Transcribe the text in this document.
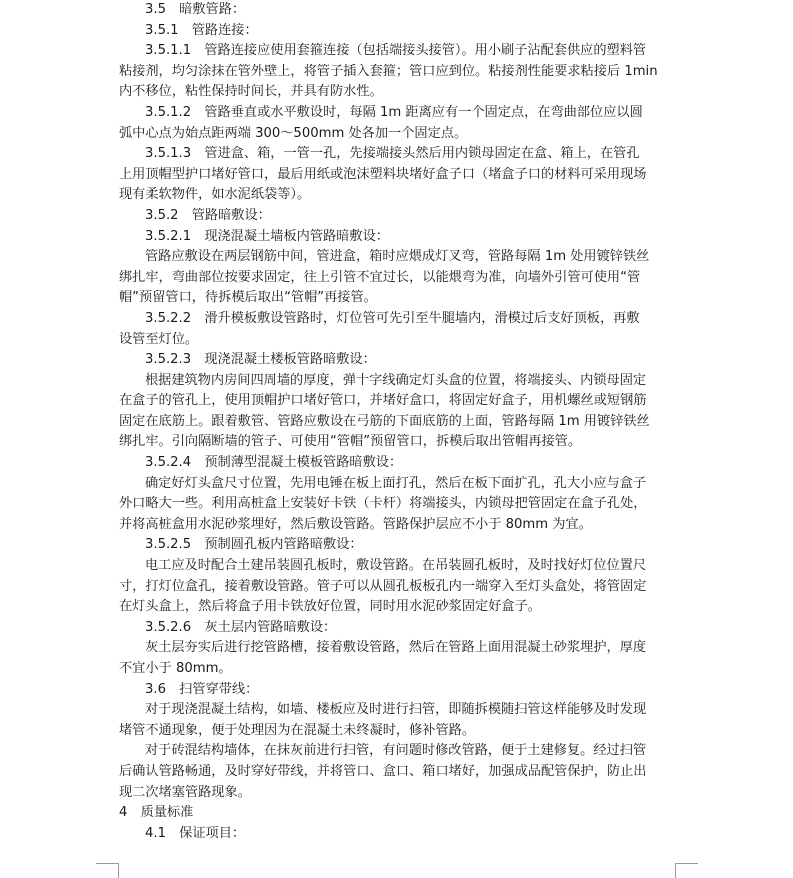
3.5　暗敷管路：
3.5.1　管路连接：
3.5.1.1　管路连接应使用套箍连接（包括端接头接管）。用小刷子沾配套供应的塑料管
粘接剂，均匀涂抹在管外壁上，将管子插入套箍；管口应到位。粘接剂性能要求粘接后 1min
内不移位，粘性保持时间长，并具有防水性。
3.5.1.2　管路垂直或水平敷设时，每隔 1m 距离应有一个固定点，在弯曲部位应以圆
弧中心点为始点距两端 300～500mm 处各加一个固定点。
3.5.1.3　管进盒、箱，一管一孔，先接端接头然后用内锁母固定在盒、箱上，在管孔
上用顶帽型护口堵好管口，最后用纸或泡沫塑料块堵好盒子口（堵盒子口的材料可采用现场
现有柔软物件，如水泥纸袋等）。
3.5.2　管路暗敷设：
3.5.2.1　现浇混凝土墙板内管路暗敷设：
管路应敷设在两层钢筋中间，管进盒，箱时应煨成灯叉弯，管路每隔 1m 处用镀锌铁丝
绑扎牢，弯曲部位按要求固定，往上引管不宜过长，以能煨弯为准，向墙外引管可使用“管
帽”预留管口，待拆模后取出“管帽”再接管。
3.5.2.2　滑升模板敷设管路时，灯位管可先引至牛腿墙内，滑模过后支好顶板，再敷
设管至灯位。
3.5.2.3　现浇混凝土楼板管路暗敷设：
根据建筑物内房间四周墙的厚度，弹十字线确定灯头盒的位置，将端接头、内锁母固定
在盒子的管孔上，使用顶帽护口堵好管口，并堵好盒口，将固定好盒子，用机螺丝或短钢筋
固定在底筋上。跟着敷管、管路应敷设在弓筋的下面底筋的上面，管路每隔 1m 用镀锌铁丝
绑扎牢。引向隔断墙的管子、可使用“管帽”预留管口，拆模后取出管帽再接管。
3.5.2.4　预制薄型混凝土模板管路暗敷设：
确定好灯头盒尺寸位置，先用电锤在板上面打孔，然后在板下面扩孔，孔大小应与盒子
外口略大一些。利用高桩盒上安装好卡铁（卡杆）将端接头，内锁母把管固定在盒子孔处，
并将高桩盒用水泥砂浆埋好，然后敷设管路。管路保护层应不小于 80mm 为宜。
3.5.2.5　预制圆孔板内管路暗敷设：
电工应及时配合土建吊装圆孔板时，敷设管路。在吊装圆孔板时，及时找好灯位位置尺
寸，打灯位盒孔，接着敷设管路。管子可以从圆孔板板孔内一端穿入至灯头盒处，将管固定
在灯头盒上，然后将盒子用卡铁放好位置，同时用水泥砂浆固定好盒子。
3.5.2.6　灰土层内管路暗敷设：
灰土层夯实后进行挖管路槽，接着敷设管路，然后在管路上面用混凝土砂浆埋护，厚度
不宜小于 80mm。
3.6　扫管穿带线：
对于现浇混凝土结构，如墙、楼板应及时进行扫管，即随拆模随扫管这样能够及时发现
堵管不通现象，便于处理因为在混凝土未终凝时，修补管路。
对于砖混结构墙体，在抹灰前进行扫管，有问题时修改管路，便于土建修复。经过扫管
后确认管路畅通，及时穿好带线，并将管口、盒口、箱口堵好，加强成品配管保护，防止出
现二次堵塞管路现象。
4　质量标准
4.1　保证项目：
